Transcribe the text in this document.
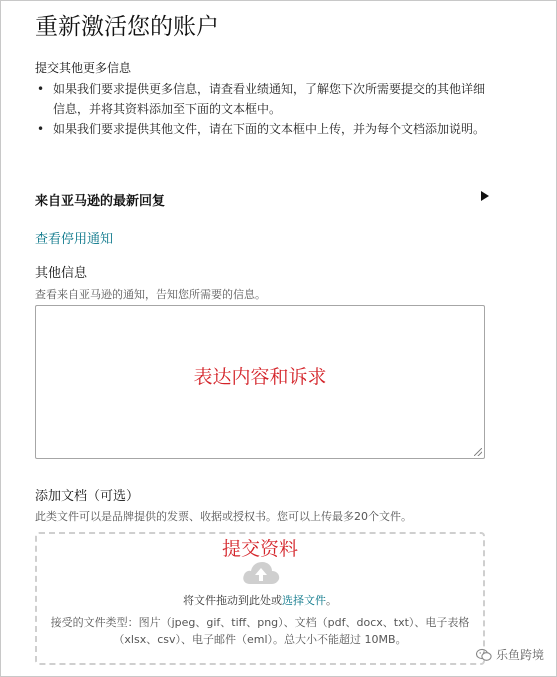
重新激活您的账户
提交其他更多信息
• 如果我们要求提供更多信息，请查看业绩通知，了解您下次所需要提交的其他详细信息，并将其资料添加至下面的文本框中。
• 如果我们要求提供其他文件，请在下面的文本框中上传，并为每个文档添加说明。
来自亚马逊的最新回复
查看停用通知
其他信息
查看来自亚马逊的通知，告知您所需要的信息。
表达内容和诉求
添加文档（可选）
此类文件可以是品牌提供的发票、收据或授权书。您可以上传最多20个文件。
提交资料
将文件拖动到此处或选择文件。
接受的文件类型：图片（jpeg、gif、tiff、png）、文档（pdf、docx、txt）、电子表格（xlsx、csv）、电子邮件（eml）。总大小不能超过 10MB。
乐鱼跨境
